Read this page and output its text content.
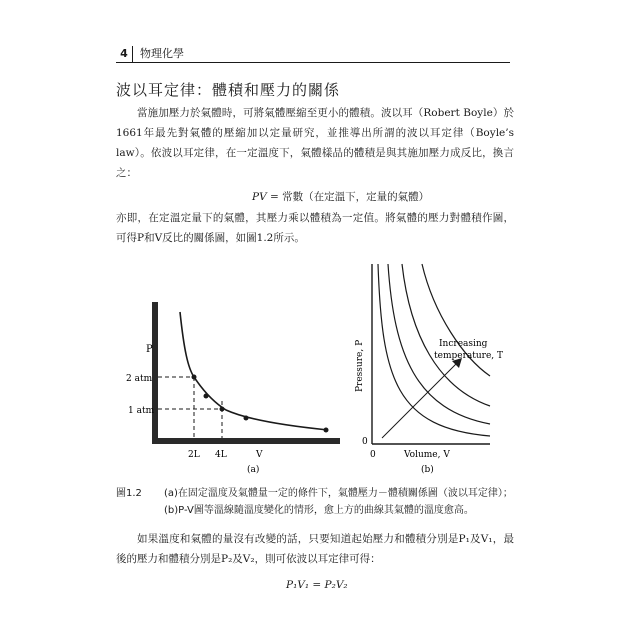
4	物理化學
波以耳定律：體積和壓力的關係

當施加壓力於氣體時，可將氣體壓縮至更小的體積。波以耳（Robert Boyle）於1661年最先對氣體的壓縮加以定量研究，並推導出所謂的波以耳定律（Boyle’s law）。依波以耳定律，在一定溫度下，氣體樣品的體積是與其施加壓力成反比，換言之：

PV = 常數（在定溫下，定量的氣體）

亦即，在定溫定量下的氣體，其壓力乘以體積為一定值。將氣體的壓力對體積作圖，可得P和V反比的關係圖，如圖1.2所示。

P
2 atm
1 atm
2L 4L	V
(a)
Pressure, P
0
0	Volume, V
Increasing
temperature, T
(b)
圖1.2 (a)在固定溫度及氣體量一定的條件下，氣體壓力－體積關係圖（波以耳定律）；(b)P-V圖等溫線隨溫度變化的情形，愈上方的曲線其氣體的溫度愈高。

如果溫度和氣體的量沒有改變的話，只要知道起始壓力和體積分別是P₁及V₁，最後的壓力和體積分別是P₂及V₂，則可依波以耳定律可得：

P₁V₁ = P₂V₂
